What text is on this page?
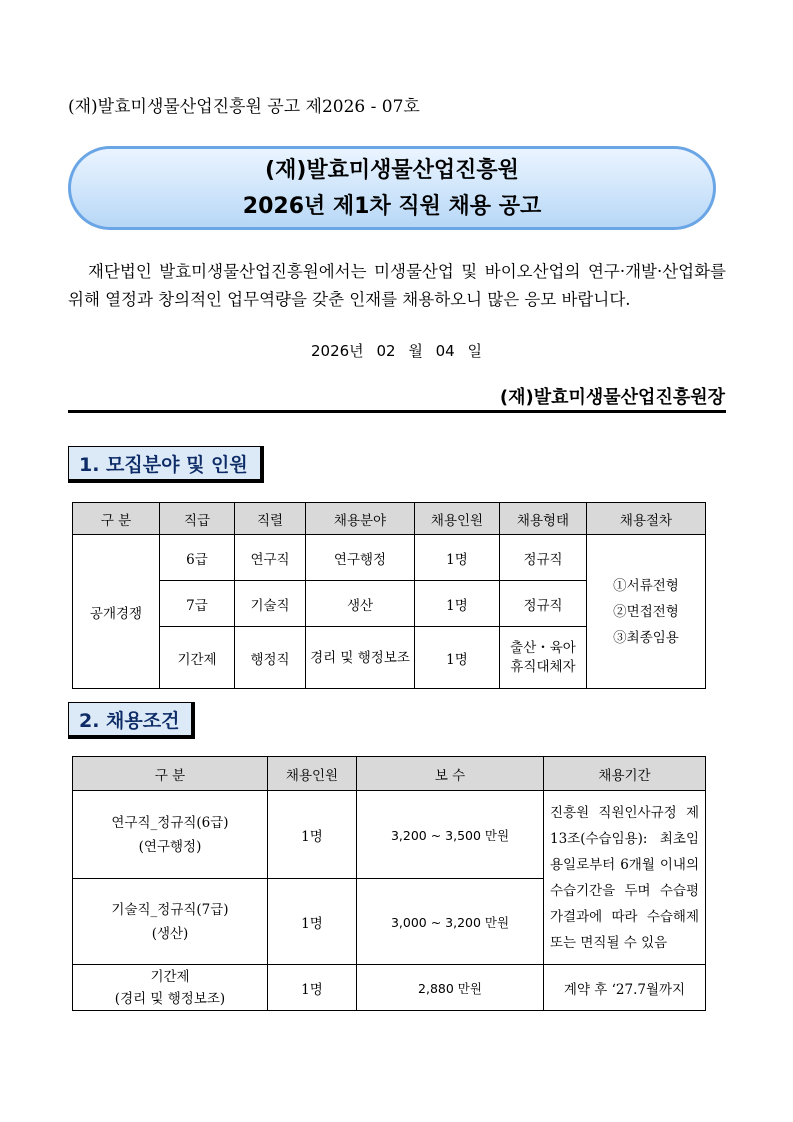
(재)발효미생물산업진흥원 공고 제2026 - 07호
(재)발효미생물산업진흥원
2026년 제1차 직원 채용 공고
재단법인 발효미생물산업진흥원에서는 미생물산업 및 바이오산업의 연구·개발·산업화를 위해 열정과 창의적인 업무역량을 갖춘 인재를 채용하오니 많은 응모 바랍니다.
2026년 02 월 04 일
(재)발효미생물산업진흥원장
1. 모집분야 및 인원
구 분	직급	직렬	채용분야	채용인원	채용형태	채용절차
공개경쟁	6급	연구직	연구행정	1명	정규직	①서류전형
②면접전형
③최종임용

	7급	기술직	생산	1명	정규직	
	기간제	행정직	경리 및 행정보조	1명	출산・육아휴직대체자	
2. 채용조건
구 분	채용인원	보 수	채용기간

연구직_정규직(6급)
(연구행정)	1명	3,200 ~ 3,500 만원	진흥원 직원인사규정 제13조(수습임용): 최초임용일로부터 6개월 이내의 수습기간을 두며 수습평가결과에 따라 수습해제 또는 면직될 수 있음

기술직_정규직(7급)
(생산)	1명	3,000 ~ 3,200 만원	

기간제
(경리 및 행정보조)	1명	2,880 만원	계약 후 ‘27.7월까지
